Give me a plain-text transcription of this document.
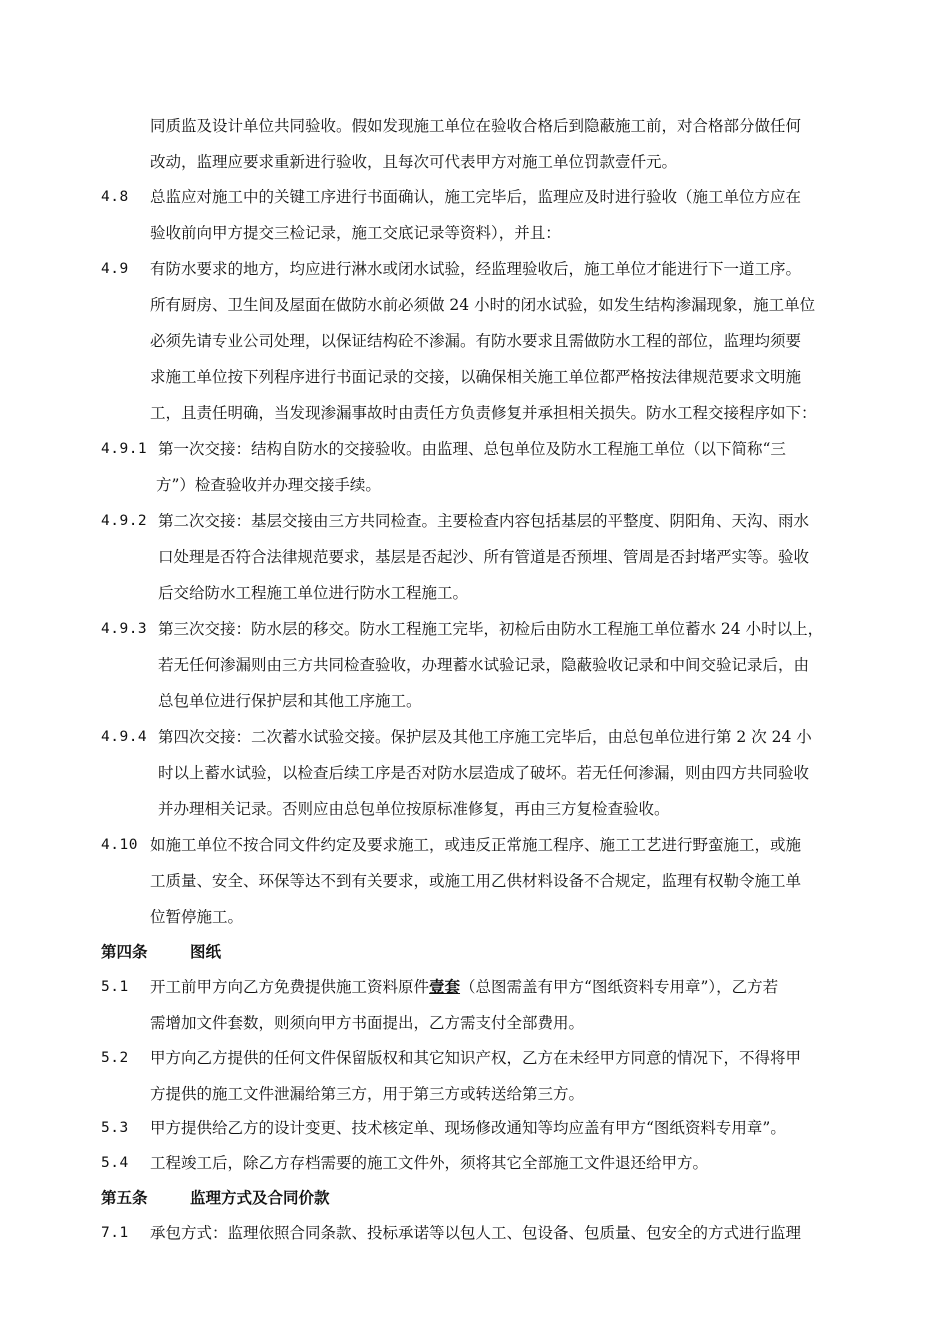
同质监及设计单位共同验收。假如发现施工单位在验收合格后到隐蔽施工前，对合格部分做任何
改动，监理应要求重新进行验收，且每次可代表甲方对施工单位罚款壹仟元。
4.8 总监应对施工中的关键工序进行书面确认，施工完毕后，监理应及时进行验收（施工单位方应在
验收前向甲方提交三检记录，施工交底记录等资料），并且：
4.9 有防水要求的地方，均应进行淋水或闭水试验，经监理验收后，施工单位才能进行下一道工序。
所有厨房、卫生间及屋面在做防水前必须做 24 小时的闭水试验，如发生结构渗漏现象，施工单位
必须先请专业公司处理，以保证结构砼不渗漏。有防水要求且需做防水工程的部位，监理均须要
求施工单位按下列程序进行书面记录的交接，以确保相关施工单位都严格按法律规范要求文明施
工，且责任明确，当发现渗漏事故时由责任方负责修复并承担相关损失。防水工程交接程序如下：
4.9.1 第一次交接：结构自防水的交接验收。由监理、总包单位及防水工程施工单位（以下简称“三
方”）检查验收并办理交接手续。
4.9.2 第二次交接：基层交接由三方共同检查。主要检查内容包括基层的平整度、阴阳角、天沟、雨水
口处理是否符合法律规范要求，基层是否起沙、所有管道是否预埋、管周是否封堵严实等。验收
后交给防水工程施工单位进行防水工程施工。
4.9.3 第三次交接：防水层的移交。防水工程施工完毕，初检后由防水工程施工单位蓄水 24 小时以上，
若无任何渗漏则由三方共同检查验收，办理蓄水试验记录，隐蔽验收记录和中间交验记录后，由
总包单位进行保护层和其他工序施工。
4.9.4 第四次交接：二次蓄水试验交接。保护层及其他工序施工完毕后，由总包单位进行第 2 次 24 小
时以上蓄水试验，以检查后续工序是否对防水层造成了破坏。若无任何渗漏，则由四方共同验收
并办理相关记录。否则应由总包单位按原标准修复，再由三方复检查验收。
4.10 如施工单位不按合同文件约定及要求施工，或违反正常施工程序、施工工艺进行野蛮施工，或施
工质量、安全、环保等达不到有关要求，或施工用乙供材料设备不合规定，监理有权勒令施工单
位暂停施工。
第四条	图纸
5.1 开工前甲方向乙方免费提供施工资料原件壹套（总图需盖有甲方“图纸资料专用章”），乙方若
需增加文件套数，则须向甲方书面提出，乙方需支付全部费用。
5.2 甲方向乙方提供的任何文件保留版权和其它知识产权，乙方在未经甲方同意的情况下，不得将甲
方提供的施工文件泄漏给第三方，用于第三方或转送给第三方。
5.3 甲方提供给乙方的设计变更、技术核定单、现场修改通知等均应盖有甲方“图纸资料专用章”。
5.4 工程竣工后，除乙方存档需要的施工文件外，须将其它全部施工文件退还给甲方。
第五条	监理方式及合同价款
7.1 承包方式：监理依照合同条款、投标承诺等以包人工、包设备、包质量、包安全的方式进行监理
